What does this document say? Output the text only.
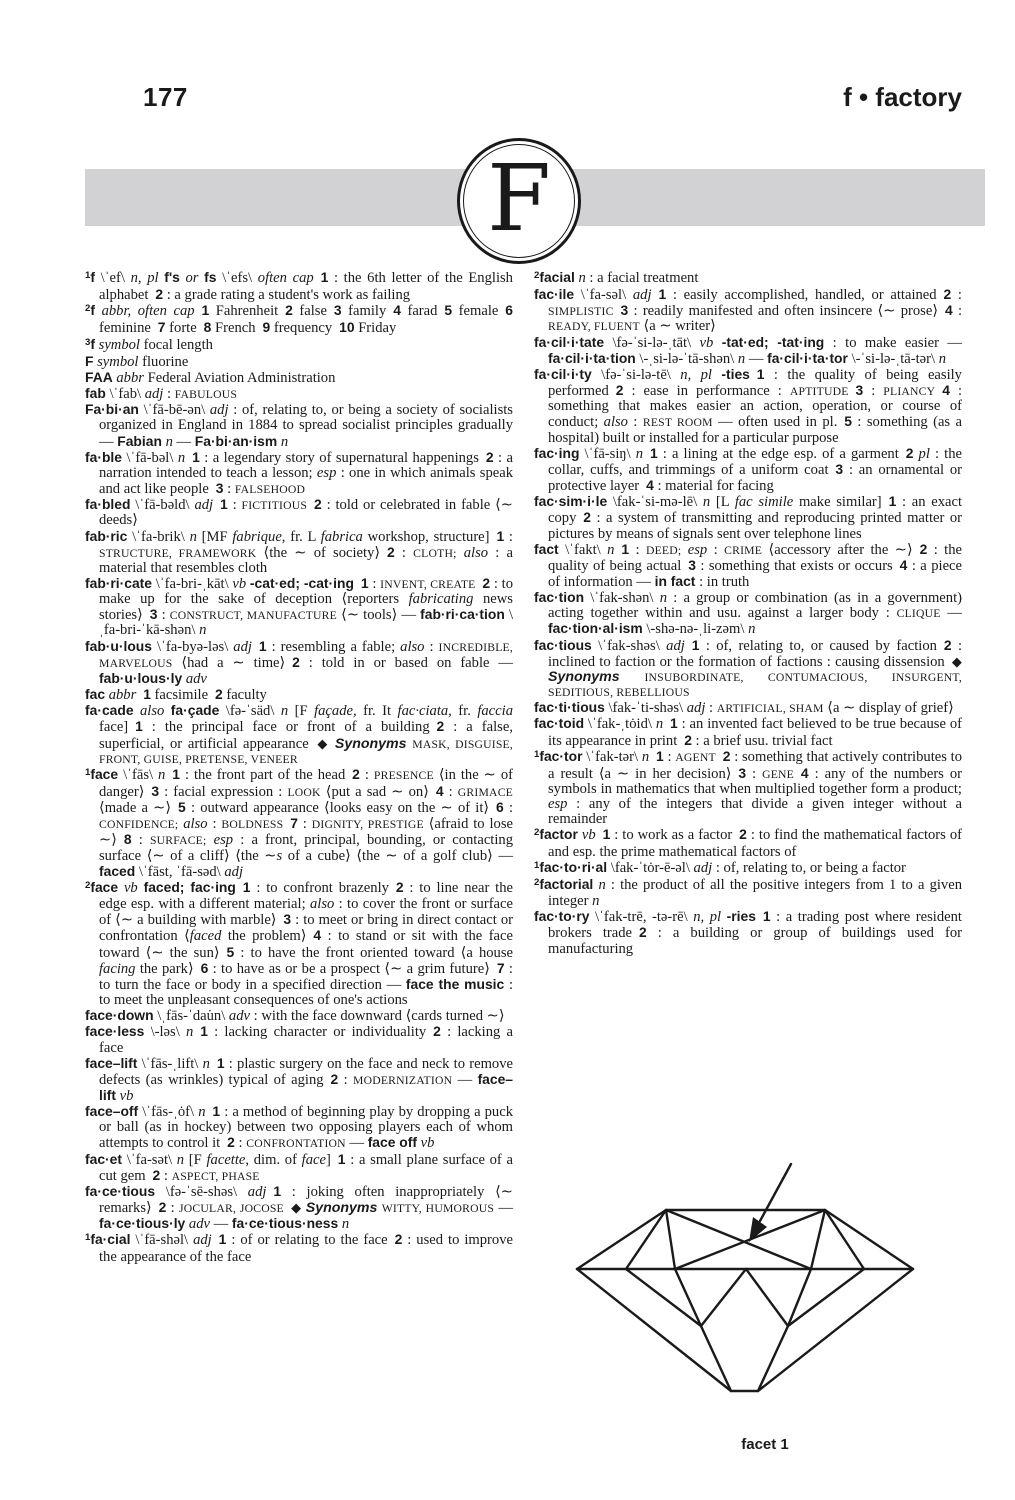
177	f • factory
F

$^1$f \ˈef\ n, pl f's or fs \ˈefs\ often cap 1 : the 6th letter of the English alphabet 2 : a grade rating a student's work as failing

$^2$f abbr, often cap 1 Fahrenheit 2 false 3 family 4 farad 5 female 6 feminine 7 forte 8 French 9 frequency 10 Friday

$^3$f symbol focal length

F symbol fluorine

FAA abbr Federal Aviation Administration

fab \ˈfab\ adj : FABULOUS

Fa·bi·an \ˈfā-bē-ən\ adj : of, relating to, or being a society of socialists organized in England in 1884 to spread socialist principles gradually — Fabian n — Fa·bi·an·ism n

fa·ble \ˈfā-bəl\ n 1 : a legendary story of supernatural happenings 2 : a narration intended to teach a lesson; esp : one in which animals speak and act like people 3 : FALSEHOOD

fa·bled \ˈfā-bəld\ adj 1 : FICTITIOUS 2 : told or celebrated in fable ⟨∼ deeds⟩

fab·ric \ˈfa-brik\ n [MF fabrique, fr. L fabrica workshop, structure] 1 : STRUCTURE, FRAMEWORK ⟨the ∼ of society⟩ 2 : CLOTH; also : a material that resembles cloth

fab·ri·cate \ˈfa-bri-ˌkāt\ vb -cat·ed; -cat·ing 1 : INVENT, CREATE 2 : to make up for the sake of deception ⟨reporters fabricating news stories⟩ 3 : CONSTRUCT, MANUFACTURE ⟨∼ tools⟩ — fab·ri·ca·tion \ˌfa-bri-ˈkā-shən\ n

fab·u·lous \ˈfa-byə-ləs\ adj 1 : resembling a fable; also : INCREDIBLE, MARVELOUS ⟨had a ∼ time⟩ 2 : told in or based on fable — fab·u·lous·ly adv

fac abbr 1 facsimile 2 faculty

fa·cade also fa·çade \fə-ˈsäd\ n [F façade, fr. It fac·ciata, fr. faccia face] 1 : the principal face or front of a building 2 : a false, superficial, or artificial appearance ◆ Synonyms MASK, DISGUISE, FRONT, GUISE, PRETENSE, VENEER

$^1$face \ˈfās\ n 1 : the front part of the head 2 : PRESENCE ⟨in the ∼ of danger⟩ 3 : facial expression : LOOK ⟨put a sad ∼ on⟩ 4 : GRIMACE ⟨made a ∼⟩ 5 : outward appearance ⟨looks easy on the ∼ of it⟩ 6 : CONFIDENCE; also : BOLDNESS 7 : DIGNITY, PRESTIGE ⟨afraid to lose ∼⟩ 8 : SURFACE; esp : a front, principal, bounding, or contacting surface ⟨∼ of a cliff⟩ ⟨the ∼s of a cube⟩ ⟨the ∼ of a golf club⟩ — faced \ˈfāst, ˈfā-səd\ adj

$^2$face vb faced; fac·ing 1 : to confront brazenly 2 : to line near the edge esp. with a different material; also : to cover the front or surface of ⟨∼ a building with marble⟩ 3 : to meet or bring in direct contact or confrontation ⟨faced the problem⟩ 4 : to stand or sit with the face toward ⟨∼ the sun⟩ 5 : to have the front oriented toward ⟨a house facing the park⟩ 6 : to have as or be a prospect ⟨∼ a grim future⟩ 7 : to turn the face or body in a specified direction — face the music : to meet the unpleasant consequences of one's actions

face·down \ˌfās-ˈdau̇n\ adv : with the face downward ⟨cards turned ∼⟩

face·less \-ləs\ n 1 : lacking character or individuality 2 : lacking a face

face–lift \ˈfās-ˌlift\ n 1 : plastic surgery on the face and neck to remove defects (as wrinkles) typical of aging 2 : MODERNIZATION — face–lift vb

face–off \ˈfās-ˌȯf\ n 1 : a method of beginning play by dropping a puck or ball (as in hockey) between two opposing players each of whom attempts to control it 2 : CONFRONTATION — face off vb

fac·et \ˈfa-sət\ n [F facette, dim. of face] 1 : a small plane surface of a cut gem 2 : ASPECT, PHASE

fa·ce·tious \fə-ˈsē-shəs\ adj 1 : joking often inappropriately ⟨∼ remarks⟩ 2 : JOCULAR, JOCOSE ◆ Synonyms WITTY, HUMOROUS — fa·ce·tious·ly adv — fa·ce·tious·ness n

$^1$fa·cial \ˈfā-shəl\ adj 1 : of or relating to the face 2 : used to improve the appearance of the face

$^2$facial n : a facial treatment

fac·ile \ˈfa-səl\ adj 1 : easily accomplished, handled, or attained 2 : SIMPLISTIC 3 : readily manifested and often insincere ⟨∼ prose⟩ 4 : READY, FLUENT ⟨a ∼ writer⟩

fa·cil·i·tate \fə-ˈsi-lə-ˌtāt\ vb -tat·ed; -tat·ing : to make easier — fa·cil·i·ta·tion \-ˌsi-lə-ˈtā-shən\ n — fa·cil·i·ta·tor \-ˈsi-lə-ˌtā-tər\ n

fa·cil·i·ty \fə-ˈsi-lə-tē\ n, pl -ties 1 : the quality of being easily performed 2 : ease in performance : APTITUDE 3 : PLIANCY 4 : something that makes easier an action, operation, or course of conduct; also : REST ROOM — often used in pl. 5 : something (as a hospital) built or installed for a particular purpose

fac·ing \ˈfā-siŋ\ n 1 : a lining at the edge esp. of a garment 2 pl : the collar, cuffs, and trimmings of a uniform coat 3 : an ornamental or protective layer 4 : material for facing

fac·sim·i·le \fak-ˈsi-mə-lē\ n [L fac simile make similar] 1 : an exact copy 2 : a system of transmitting and reproducing printed matter or pictures by means of signals sent over telephone lines

fact \ˈfakt\ n 1 : DEED; esp : CRIME ⟨accessory after the ∼⟩ 2 : the quality of being actual 3 : something that exists or occurs 4 : a piece of information — in fact : in truth

fac·tion \ˈfak-shən\ n : a group or combination (as in a government) acting together within and usu. against a larger body : CLIQUE — fac·tion·al·ism \-shə-nə-ˌli-zəm\ n

fac·tious \ˈfak-shəs\ adj 1 : of, relating to, or caused by faction 2 : inclined to faction or the formation of factions : causing dissension ◆ Synonyms INSUBORDINATE, CONTUMACIOUS, INSURGENT, SEDITIOUS, REBELLIOUS

fac·ti·tious \fak-ˈti-shəs\ adj : ARTIFICIAL, SHAM ⟨a ∼ display of grief⟩

fac·toid \ˈfak-ˌtȯid\ n 1 : an invented fact believed to be true because of its appearance in print 2 : a brief usu. trivial fact

$^1$fac·tor \ˈfak-tər\ n 1 : AGENT 2 : something that actively contributes to a result ⟨a ∼ in her decision⟩ 3 : GENE 4 : any of the numbers or symbols in mathematics that when multiplied together form a product; esp : any of the integers that divide a given integer without a remainder

$^2$factor vb 1 : to work as a factor 2 : to find the mathematical factors of and esp. the prime mathematical factors of

$^1$fac·to·ri·al \fak-ˈtȯr-ē-əl\ adj : of, relating to, or being a factor

$^2$factorial n : the product of all the positive integers from 1 to a given integer n

fac·to·ry \ˈfak-trē, -tə-rē\ n, pl -ries 1 : a trading post where resident brokers trade 2 : a building or group of buildings used for manufacturing

facet 1
